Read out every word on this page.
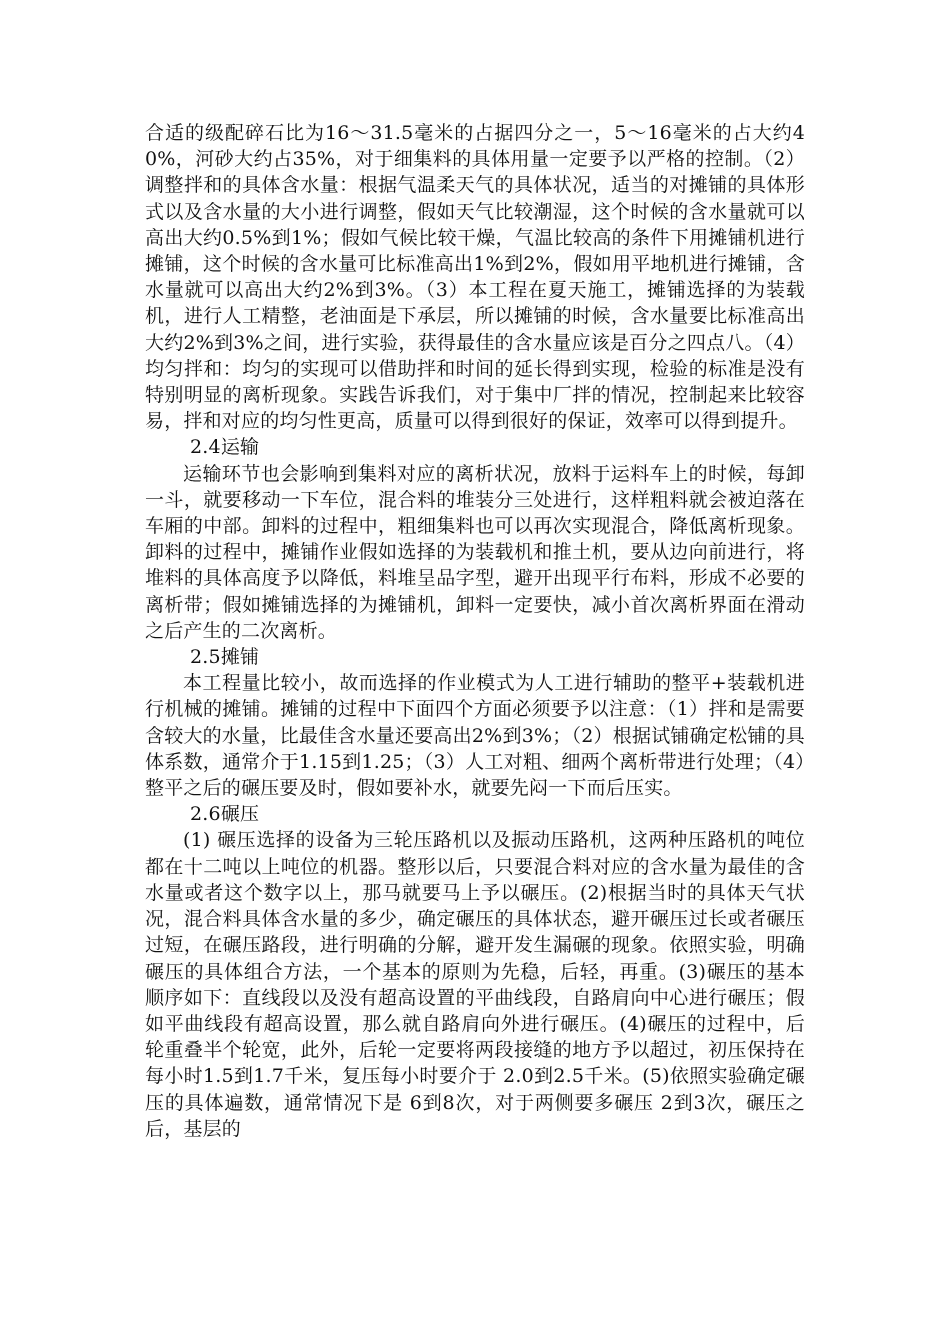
合适的级配碎石比为16～31.5毫米的占据四分之一，5～16毫米的占大约40%，河砂大约占35%，对于细集料的具体用量一定要予以严格的控制。（2）调整拌和的具体含水量：根据气温柔天气的具体状况，适当的对摊铺的具体形式以及含水量的大小进行调整，假如天气比较潮湿，这个时候的含水量就可以高出大约0.5%到1%；假如气候比较干燥，气温比较高的条件下用摊铺机进行摊铺，这个时候的含水量可比标准高出1%到2%，假如用平地机进行摊铺，含水量就可以高出大约2%到3%。（3）本工程在夏天施工，摊铺选择的为装载机，进行人工精整，老油面是下承层，所以摊铺的时候，含水量要比标准高出大约2%到3%之间，进行实验，获得最佳的含水量应该是百分之四点八。（4）均匀拌和：均匀的实现可以借助拌和时间的延长得到实现，检验的标准是没有特别明显的离析现象。实践告诉我们，对于集中厂拌的情况，控制起来比较容易，拌和对应的均匀性更高，质量可以得到很好的保证，效率可以得到提升。

2.4运输

运输环节也会影响到集料对应的离析状况，放料于运料车上的时候，每卸一斗，就要移动一下车位，混合料的堆装分三处进行，这样粗料就会被迫落在车厢的中部。卸料的过程中，粗细集料也可以再次实现混合，降低离析现象。卸料的过程中，摊铺作业假如选择的为装载机和推土机，要从边向前进行，将堆料的具体高度予以降低，料堆呈品字型，避开出现平行布料，形成不必要的离析带；假如摊铺选择的为摊铺机，卸料一定要快，减小首次离析界面在滑动之后产生的二次离析。

2.5摊铺

本工程量比较小，故而选择的作业模式为人工进行辅助的整平+装载机进行机械的摊铺。摊铺的过程中下面四个方面必须要予以注意：（1）拌和是需要含较大的水量，比最佳含水量还要高出2%到3%；（2）根据试铺确定松铺的具体系数，通常介于1.15到1.25；（3）人工对粗、细两个离析带进行处理；（4）整平之后的碾压要及时，假如要补水，就要先闷一下而后压实。

2.6碾压

(1) 碾压选择的设备为三轮压路机以及振动压路机，这两种压路机的吨位都在十二吨以上吨位的机器。整形以后，只要混合料对应的含水量为最佳的含水量或者这个数字以上，那马就要马上予以碾压。(2)根据当时的具体天气状况，混合料具体含水量的多少，确定碾压的具体状态，避开碾压过长或者碾压过短，在碾压路段，进行明确的分解，避开发生漏碾的现象。依照实验，明确碾压的具体组合方法，一个基本的原则为先稳，后轻，再重。(3)碾压的基本顺序如下：直线段以及没有超高设置的平曲线段，自路肩向中心进行碾压；假如平曲线段有超高设置，那么就自路肩向外进行碾压。(4)碾压的过程中，后轮重叠半个轮宽，此外，后轮一定要将两段接缝的地方予以超过，初压保持在每小时1.5到1.7千米，复压每小时要介于 2.0到2.5千米。(5)依照实验确定碾压的具体遍数，通常情况下是 6到8次，对于两侧要多碾压 2到3次，碾压之后，基层的
